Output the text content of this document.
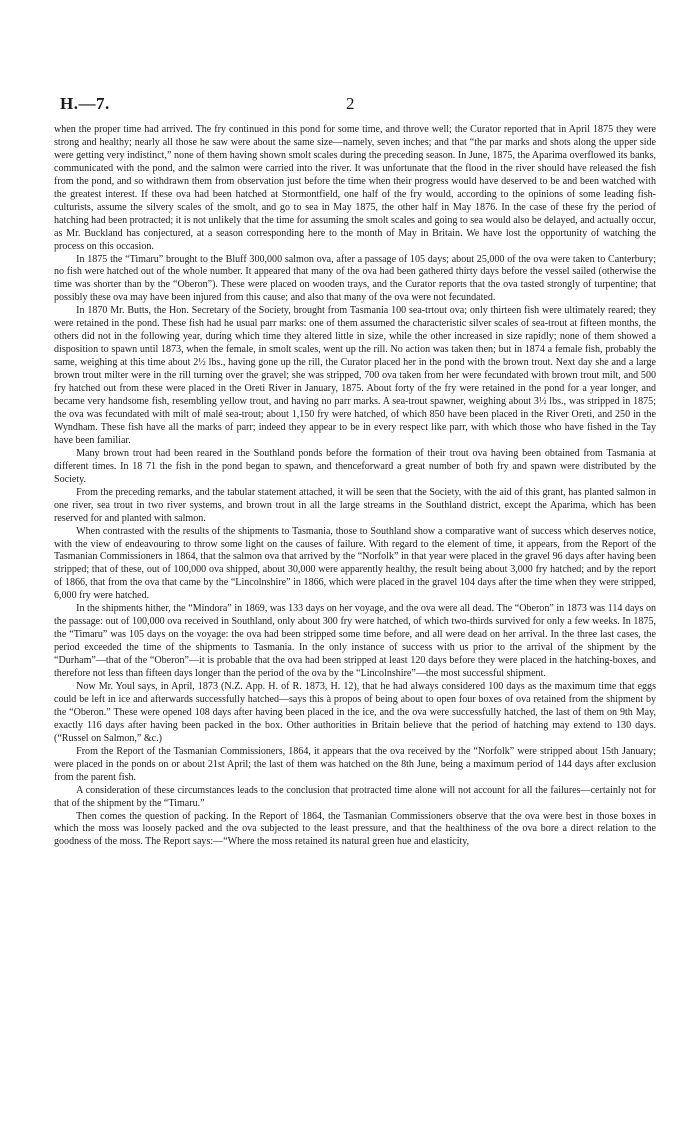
H.—7.	2

when the proper time had arrived. The fry continued in this pond for some time, and throve well; the Curator reported that in April 1875 they were strong and healthy; nearly all those he saw were about the same size—namely, seven inches; and that “the par marks and shots along the upper side were getting very indistinct,” none of them having shown smolt scales during the preceding season. In June, 1875, the Aparima overflowed its banks, communicated with the pond, and the salmon were carried into the river. It was unfortunate that the flood in the river should have released the fish from the pond, and so withdrawn them from observation just before the time when their progress would have deserved to be and been watched with the greatest interest. If these ova had been hatched at Stormontfield, one half of the fry would, according to the opinions of some leading fish-culturists, assume the silvery scales of the smolt, and go to sea in May 1875, the other half in May 1876. In the case of these fry the period of hatching had been protracted; it is not unlikely that the time for assuming the smolt scales and going to sea would also be delayed, and actually occur, as Mr. Buckland has conjectured, at a season corresponding here to the month of May in Britain. We have lost the opportunity of watching the process on this occasion.

In 1875 the “Timaru” brought to the Bluff 300,000 salmon ova, after a passage of 105 days; about 25,000 of the ova were taken to Canterbury; no fish were hatched out of the whole number. It appeared that many of the ova had been gathered thirty days before the vessel sailed (otherwise the time was shorter than by the “Oberon”). These were placed on wooden trays, and the Curator reports that the ova tasted strongly of turpentine; that possibly these ova may have been injured from this cause; and also that many of the ova were not fecundated.

In 1870 Mr. Butts, the Hon. Secretary of the Society, brought from Tasmania 100 sea-trtout ova; only thirteen fish were ultimately reared; they were retained in the pond. These fish had he usual parr marks: one of them assumed the characteristic silver scales of sea-trout at fifteen months, the others did not in the following year, during which time they altered little in size, while the other increased in size rapidly; none of them showed a disposition to spawn until 1873, when the female, in smolt scales, went up the rill. No action was taken then; but in 1874 a female fish, probably the same, weighing at this time about 2½ lbs., having gone up the rill, the Curator placed her in the pond with the brown trout. Next day she and a large brown trout milter were in the rill turning over the gravel; she was stripped, 700 ova taken from her were fecundated with brown trout milt, and 500 fry hatched out from these were placed in the Oreti River in January, 1875. About forty of the fry were retained in the pond for a year longer, and became very handsome fish, resembling yellow trout, and having no parr marks. A sea-trout spawner, weighing about 3½ lbs., was stripped in 1875; the ova was fecundated with milt of malé sea-trout; about 1,150 fry were hatched, of which 850 have been placed in the River Oreti, and 250 in the Wyndham. These fish have all the marks of parr; indeed they appear to be in every respect like parr, with which those who have fished in the Tay have been familiar.

Many brown trout had been reared in the Southland ponds before the formation of their trout ova having been obtained from Tasmania at different times. In 18 71 the fish in the pond began to spawn, and thenceforward a great number of both fry and spawn were distributed by the Society.

From the preceding remarks, and the tabular statement attached, it will be seen that the Society, with the aid of this grant, has planted salmon in one river, sea trout in two river systems, and brown trout in all the large streams in the Southland district, except the Aparima, which has been reserved for and planted with salmon.

When contrasted with the results of the shipments to Tasmania, those to Southland show a comparative want of success which deserves notice, with the view of endeavouring to throw some light on the causes of failure. With regard to the element of time, it appears, from the Report of the Tasmanian Commissioners in 1864, that the salmon ova that arrived by the “Norfolk” in that year were placed in the gravel 96 days after having been stripped; that of these, out of 100,000 ova shipped, about 30,000 were apparently healthy, the result being about 3,000 fry hatched; and by the report of 1866, that from the ova that came by the “Lincolnshire” in 1866, which were placed in the gravel 104 days after the time when they were stripped, 6,000 fry were hatched.

In the shipments hither, the “Mindora” in 1869, was 133 days on her voyage, and the ova were all dead. The “Oberon” in 1873 was 114 days on the passage: out of 100,000 ova received in Southland, only about 300 fry were hatched, of which two-thirds survived for only a few weeks. In 1875, the “Timaru” was 105 days on the voyage: the ova had been stripped some time before, and all were dead on her arrival. In the three last cases, the period exceeded the time of the shipments to Tasmania. In the only instance of success with us prior to the arrival of the shipment by the “Durham”—that of the “Oberon”—it is probable that the ova had been stripped at least 120 days before they were placed in the hatching-boxes, and therefore not less than fifteen days longer than the period of the ova by the “Lincolnshire”—the most successful shipment.

Now Mr. Youl says, in April, 1873 (N.Z. App. H. of R. 1873, H. 12), that he had always considered 100 days as the maximum time that eggs could be left in ice and afterwards successfully hatched—says this à propos of being about to open four boxes of ova retained from the shipment by the “Oberon.” These were opened 108 days after having been placed in the ice, and the ova were successfully hatched, the last of them on 9th May, exactly 116 days after having been packed in the box. Other authorities in Britain believe that the period of hatching may extend to 130 days. (“Russel on Salmon,” &c.)

From the Report of the Tasmanian Commissioners, 1864, it appears that the ova received by the “Norfolk” were stripped about 15th January; were placed in the ponds on or about 21st April; the last of them was hatched on the 8th June, being a maximum period of 144 days after exclusion from the parent fish.

A consideration of these circumstances leads to the conclusion that protracted time alone will not account for all the failures—certainly not for that of the shipment by the “Timaru.”

Then comes the question of packing. In the Report of 1864, the Tasmanian Commissioners observe that the ova were best in those boxes in which the moss was loosely packed and the ova subjected to the least pressure, and that the healthiness of the ova bore a direct relation to the goodness of the moss. The Report says:—“Where the moss retained its natural green hue and elasticity,
